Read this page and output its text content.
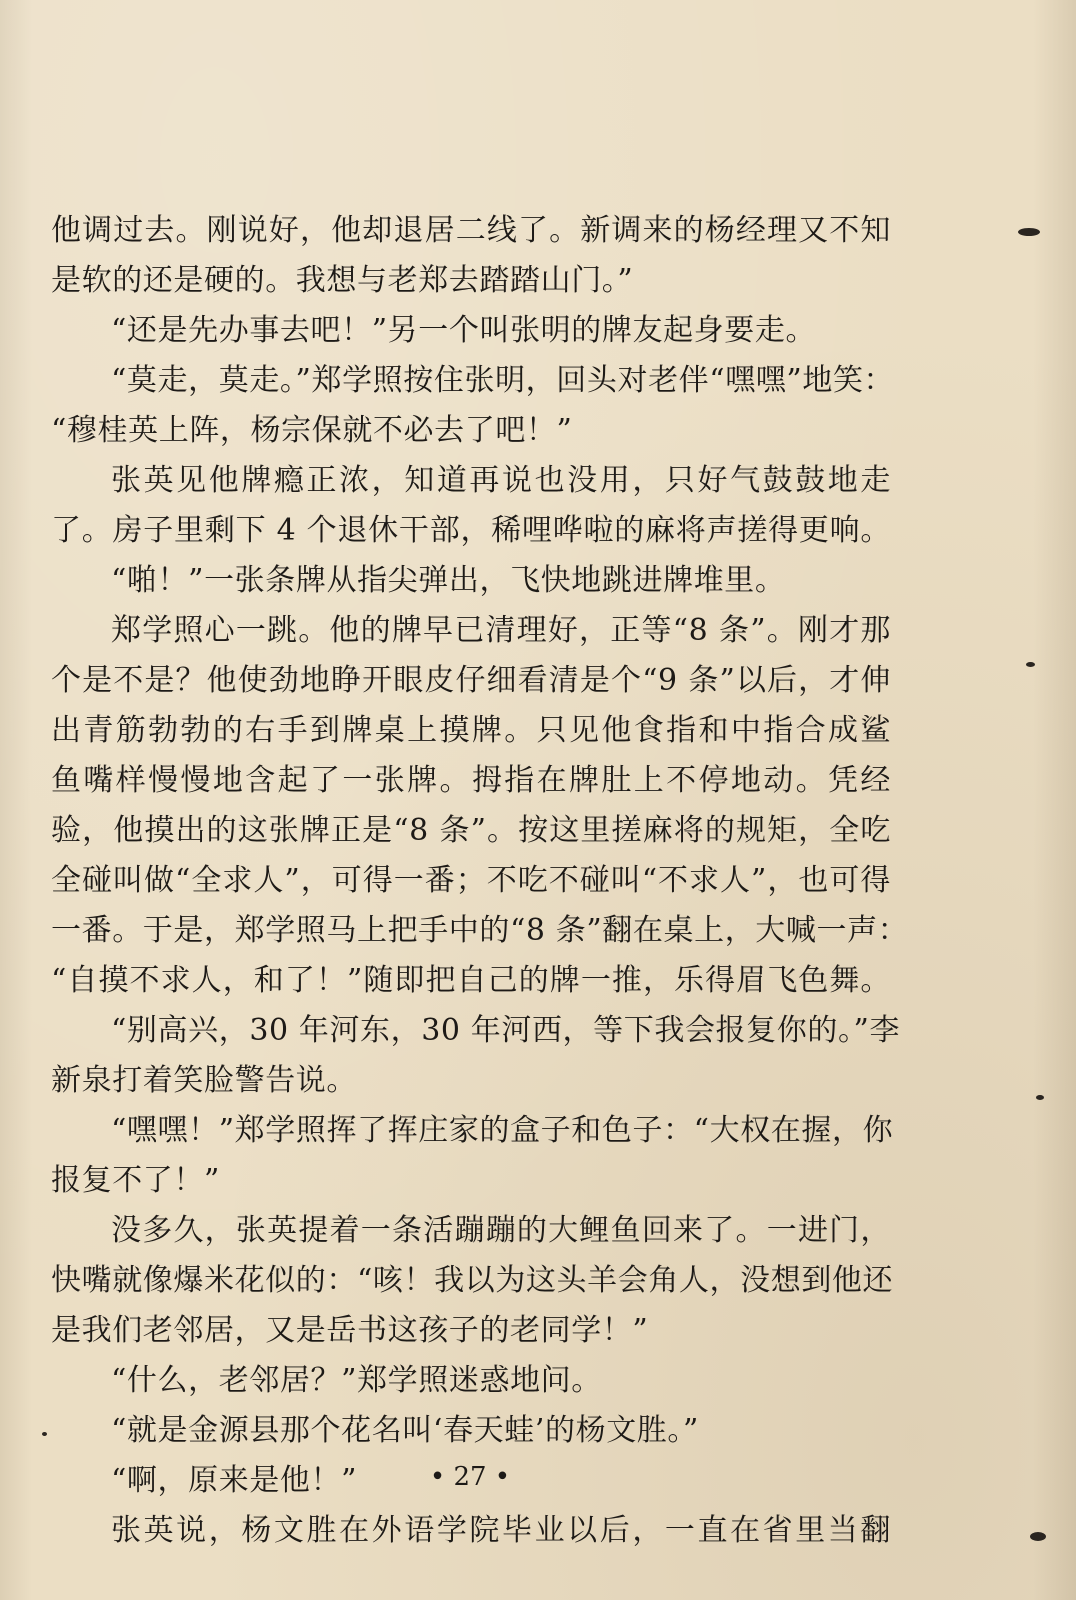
他调过去。刚说好，他却退居二线了。新调来的杨经理又不知
是软的还是硬的。我想与老郑去踏踏山门。”
“还是先办事去吧！”另一个叫张明的牌友起身要走。
“莫走，莫走。”郑学照按住张明，回头对老伴“嘿嘿”地笑：
“穆桂英上阵，杨宗保就不必去了吧！”
张英见他牌瘾正浓，知道再说也没用，只好气鼓鼓地走
了。房子里剩下 4 个退休干部，稀哩哗啦的麻将声搓得更响。
“啪！”一张条牌从指尖弹出，飞快地跳进牌堆里。
郑学照心一跳。他的牌早已清理好，正等“8 条”。刚才那
个是不是？他使劲地睁开眼皮仔细看清是个“9 条”以后，才伸
出青筋勃勃的右手到牌桌上摸牌。只见他食指和中指合成鲨
鱼嘴样慢慢地含起了一张牌。拇指在牌肚上不停地动。凭经
验，他摸出的这张牌正是“8 条”。按这里搓麻将的规矩，全吃
全碰叫做“全求人”，可得一番；不吃不碰叫“不求人”，也可得
一番。于是，郑学照马上把手中的“8 条”翻在桌上，大喊一声：
“自摸不求人，和了！”随即把自己的牌一推，乐得眉飞色舞。
“别高兴，30 年河东，30 年河西，等下我会报复你的。”李
新泉打着笑脸警告说。
“嘿嘿！”郑学照挥了挥庄家的盒子和色子：“大权在握，你
报复不了！”
没多久，张英提着一条活蹦蹦的大鲤鱼回来了。一进门，
快嘴就像爆米花似的：“咳！我以为这头羊会角人，没想到他还
是我们老邻居，又是岳书这孩子的老同学！”
“什么，老邻居？”郑学照迷惑地问。
“就是金源县那个花名叫‘春天蛙’的杨文胜。”
“啊，原来是他！”
张英说，杨文胜在外语学院毕业以后，一直在省里当翻
• 27 •
